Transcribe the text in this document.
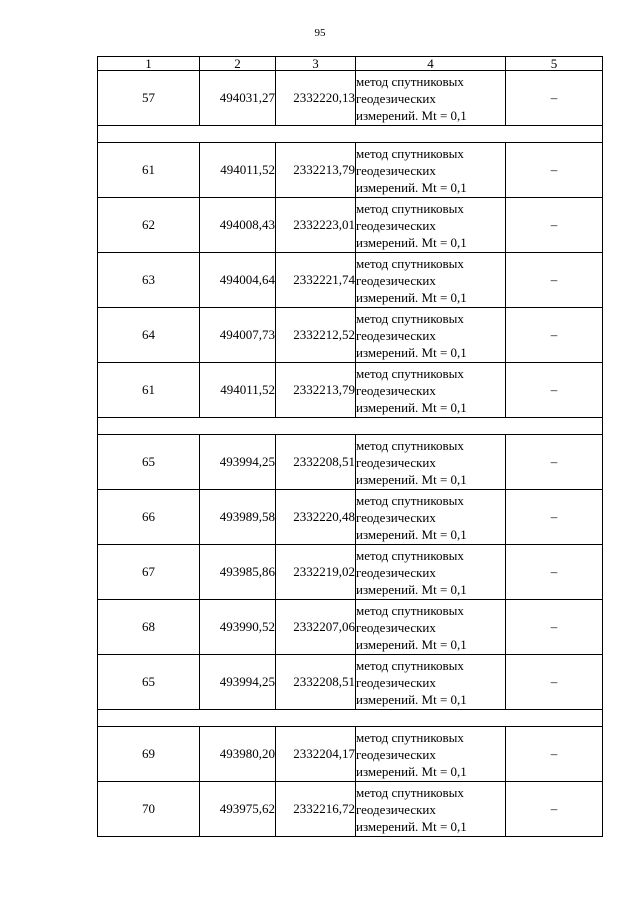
95
1	2	3	4	5
57	494031,27	2332220,13	метод спутниковых
геодезических
измерений. Mt = 0,1	–

61	494011,52	2332213,79	метод спутниковых
геодезических
измерений. Mt = 0,1	–
62	494008,43	2332223,01	метод спутниковых
геодезических
измерений. Mt = 0,1	–
63	494004,64	2332221,74	метод спутниковых
геодезических
измерений. Mt = 0,1	–
64	494007,73	2332212,52	метод спутниковых
геодезических
измерений. Mt = 0,1	–
61	494011,52	2332213,79	метод спутниковых
геодезических
измерений. Mt = 0,1	–

65	493994,25	2332208,51	метод спутниковых
геодезических
измерений. Mt = 0,1	–
66	493989,58	2332220,48	метод спутниковых
геодезических
измерений. Mt = 0,1	–
67	493985,86	2332219,02	метод спутниковых
геодезических
измерений. Mt = 0,1	–
68	493990,52	2332207,06	метод спутниковых
геодезических
измерений. Mt = 0,1	–
65	493994,25	2332208,51	метод спутниковых
геодезических
измерений. Mt = 0,1	–

69	493980,20	2332204,17	метод спутниковых
геодезических
измерений. Mt = 0,1	–
70	493975,62	2332216,72	метод спутниковых
геодезических
измерений. Mt = 0,1	–
